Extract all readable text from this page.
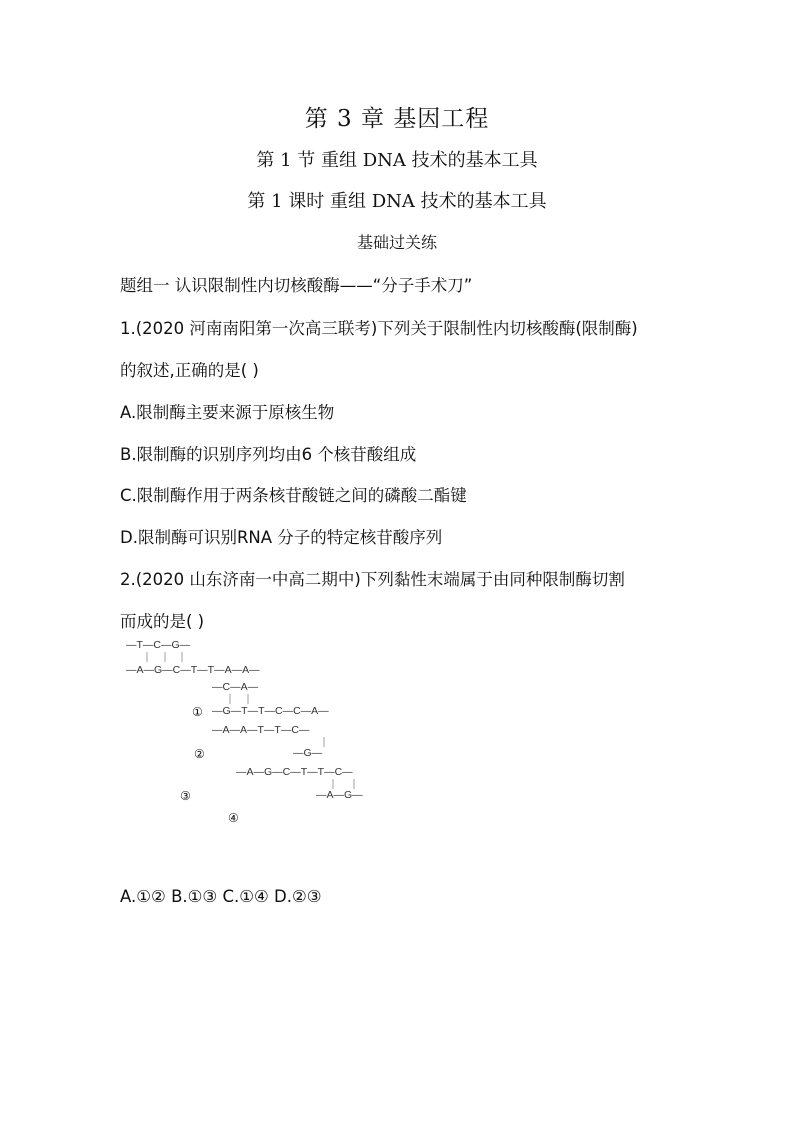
第 3 章 基因工程
第 1 节 重组 DNA 技术的基本工具
第 1 课时 重组 DNA 技术的基本工具
基础过关练
题组一 认识限制性内切核酸酶——“分子手术刀”
1.(2020 河南南阳第一次高三联考)下列关于限制性内切核酸酶(限制酶)
的叙述,正确的是( )
A.限制酶主要来源于原核生物
B.限制酶的识别序列均由6 个核苷酸组成
C.限制酶作用于两条核苷酸链之间的磷酸二酯键
D.限制酶可识别RNA 分子的特定核苷酸序列
2.(2020 山东济南一中高二期中)下列黏性末端属于由同种限制酶切割
而成的是( )
—T—C—G—
—A—G—C—T—T—A—A—
—C—A—
—G—T—T—C—C—A—
—A—A—T—T—C—
—G—
—A—G—C—T—T—C—
—A—G—
①
②
③
④
A.①② B.①③ C.①④ D.②③
